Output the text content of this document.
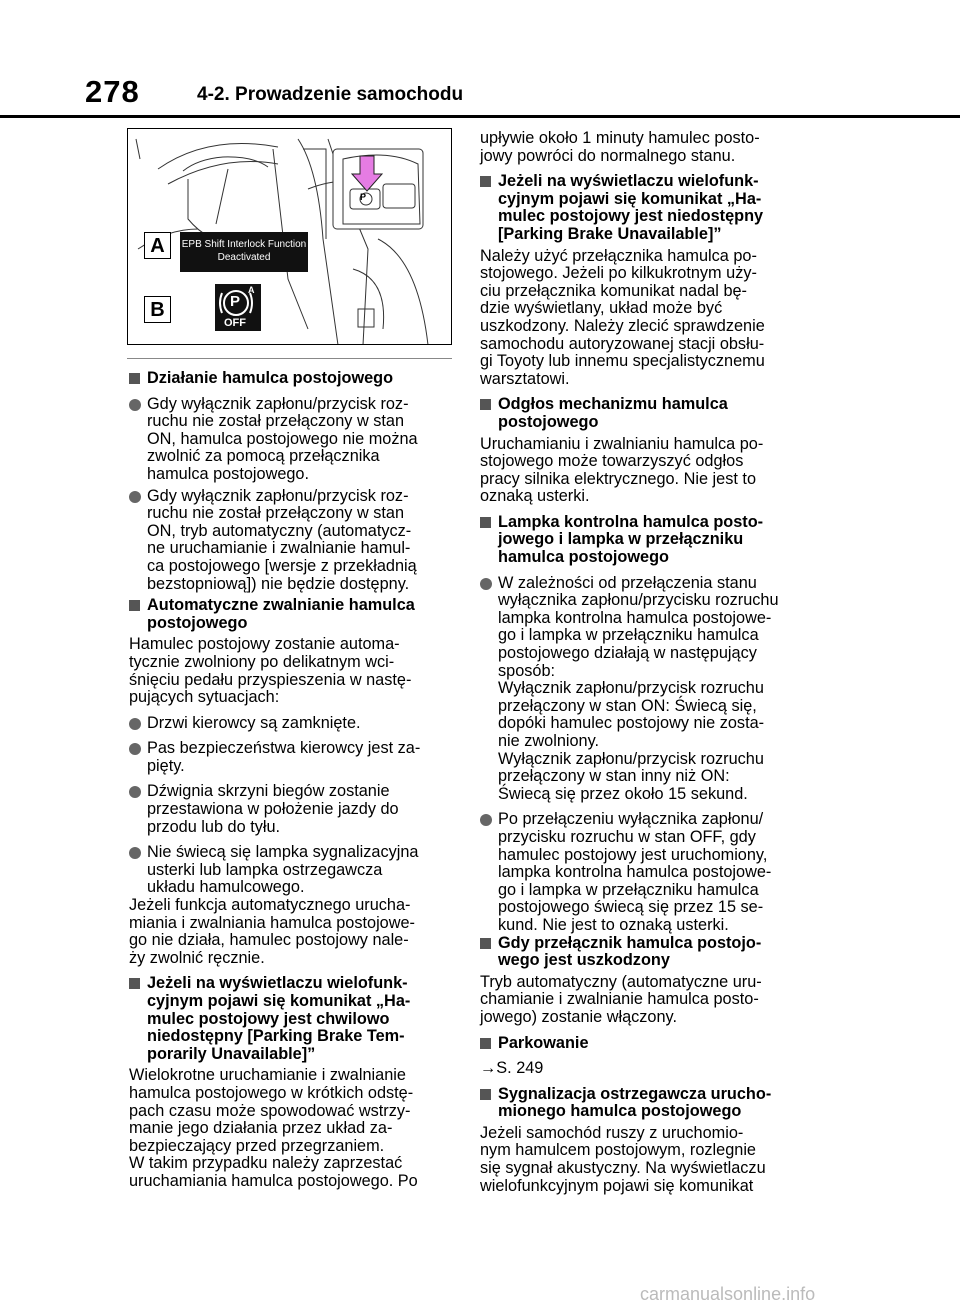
278	4-2. Prowadzenie samochodu
P
A
B
EPB Shift Interlock Function
Deactivated
P
A
OFF
Działanie hamulca postojowego
Gdy wyłącznik zapłonu/przycisk roz-
ruchu nie został przełączony w stan
ON, hamulca postojowego nie można
zwolnić za pomocą przełącznika
hamulca postojowego.
Gdy wyłącznik zapłonu/przycisk roz-
ruchu nie został przełączony w stan
ON, tryb automatyczny (automatycz-
ne uruchamianie i zwalnianie hamul-
ca postojowego [wersje z przekładnią
bezstopniową]) nie będzie dostępny.
Automatyczne zwalnianie hamulca
postojowego

Hamulec postojowy zostanie automa-
tycznie zwolniony po delikatnym wci-
śnięciu pedału przyspieszenia w nastę-
pujących sytuacjach:

Drzwi kierowcy są zamknięte.
Pas bezpieczeństwa kierowcy jest za-
pięty.
Dźwignia skrzyni biegów zostanie
przestawiona w położenie jazdy do
przodu lub do tyłu.
Nie świecą się lampka sygnalizacyjna
usterki lub lampka ostrzegawcza
układu hamulcowego.

Jeżeli funkcja automatycznego urucha-
miania i zwalniania hamulca postojowe-
go nie działa, hamulec postojowy nale-
ży zwolnić ręcznie.

Jeżeli na wyświetlaczu wielofunk-
cyjnym pojawi się komunikat „Ha-
mulec postojowy jest chwilowo
niedostępny [Parking Brake Tem-
porarily Unavailable]”

Wielokrotne uruchamianie i zwalnianie
hamulca postojowego w krótkich odstę-
pach czasu może spowodować wstrzy-
manie jego działania przez układ za-
bezpieczający przed przegrzaniem.
W takim przypadku należy zaprzestać
uruchamiania hamulca postojowego. Po

upływie około 1 minuty hamulec posto-
jowy powróci do normalnego stanu.

Jeżeli na wyświetlaczu wielofunk-
cyjnym pojawi się komunikat „Ha-
mulec postojowy jest niedostępny
[Parking Brake Unavailable]”

Należy użyć przełącznika hamulca po-
stojowego. Jeżeli po kilkukrotnym uży-
ciu przełącznika komunikat nadal bę-
dzie wyświetlany, układ może być
uszkodzony. Należy zlecić sprawdzenie
samochodu autoryzowanej stacji obsłu-
gi Toyoty lub innemu specjalistycznemu
warsztatowi.

Odgłos mechanizmu hamulca
postojowego

Uruchamianiu i zwalnianiu hamulca po-
stojowego może towarzyszyć odgłos
pracy silnika elektrycznego. Nie jest to
oznaką usterki.

Lampka kontrolna hamulca posto-
jowego i lampka w przełączniku
hamulca postojowego
W zależności od przełączenia stanu
wyłącznika zapłonu/przycisku rozruchu
lampka kontrolna hamulca postojowe-
go i lampka w przełączniku hamulca
postojowego działają w następujący
sposób:
Wyłącznik zapłonu/przycisk rozruchu
przełączony w stan ON: Świecą się,
dopóki hamulec postojowy nie zosta-
nie zwolniony.
Wyłącznik zapłonu/przycisk rozruchu
przełączony w stan inny niż ON:
Świecą się przez około 15 sekund.
Po przełączeniu wyłącznika zapłonu/
przycisku rozruchu w stan OFF, gdy
hamulec postojowy jest uruchomiony,
lampka kontrolna hamulca postojowe-
go i lampka w przełączniku hamulca
postojowego świecą się przez 15 se-
kund. Nie jest to oznaką usterki.
Gdy przełącznik hamulca postojo-
wego jest uszkodzony

Tryb automatyczny (automatyczne uru-
chamianie i zwalnianie hamulca posto-
jowego) zostanie włączony.

Parkowanie

→S. 249

Sygnalizacja ostrzegawcza urucho-
mionego hamulca postojowego

Jeżeli samochód ruszy z uruchomio-
nym hamulcem postojowym, rozlegnie
się sygnał akustyczny. Na wyświetlaczu
wielofunkcyjnym pojawi się komunikat

carmanualsonline.info
